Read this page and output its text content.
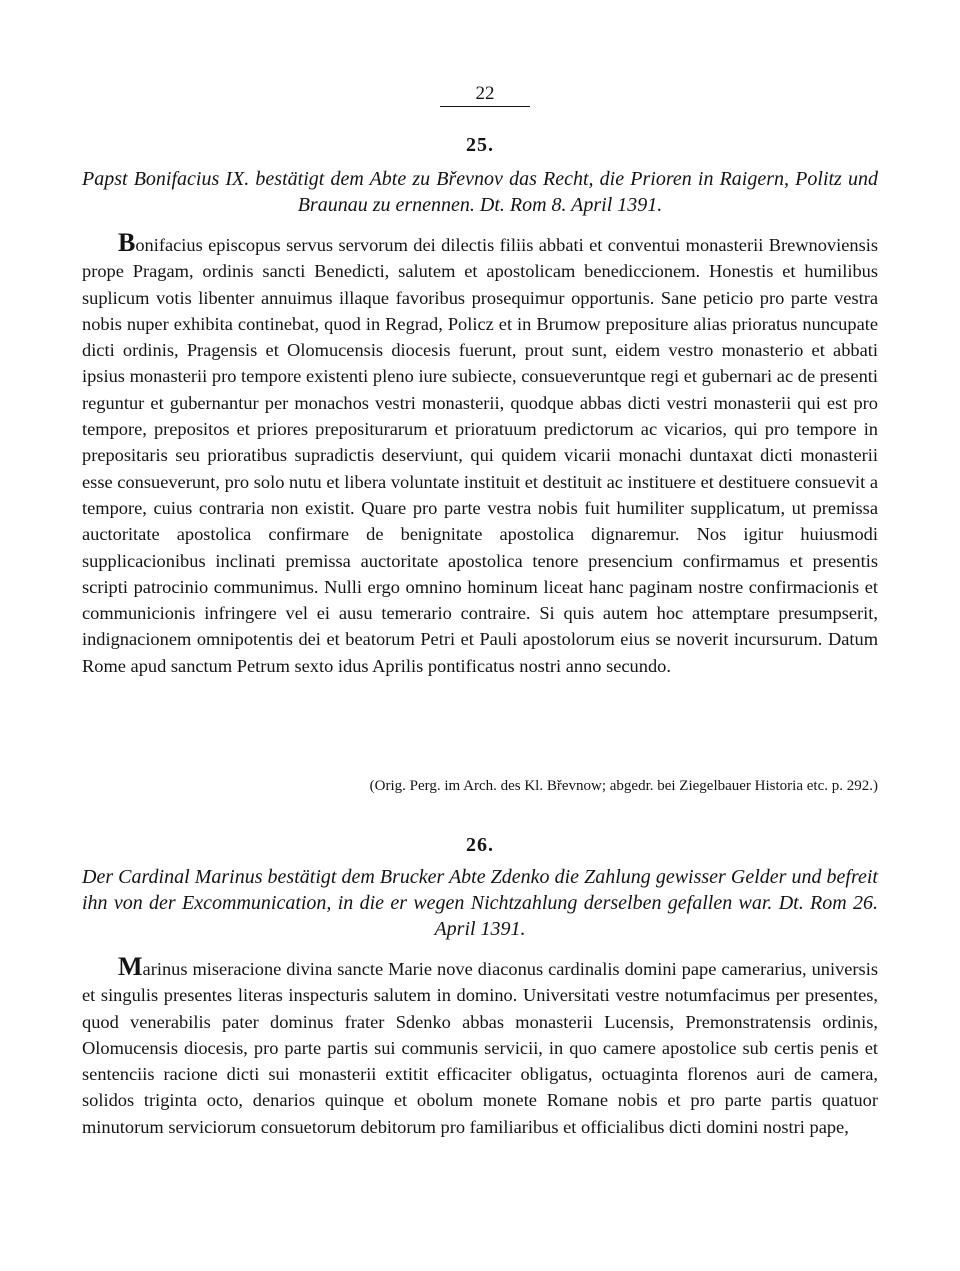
22
25.
Papst Bonifacius IX. bestätigt dem Abte zu Břevnov das Recht, die Prioren in Raigern, Politz und Braunau zu ernennen. Dt. Rom 8. April 1391.

Bonifacius episcopus servus servorum dei dilectis filiis abbati et conventui monasterii Brewnoviensis prope Pragam, ordinis sancti Benedicti, salutem et apostolicam benediccionem. Honestis et humilibus suplicum votis libenter annuimus illaque favoribus prosequimur opportunis. Sane peticio pro parte vestra nobis nuper exhibita continebat, quod in Regrad, Policz et in Brumow prepositure alias prioratus nuncupate dicti ordinis, Pragensis et Olomucensis diocesis fuerunt, prout sunt, eidem vestro monasterio et abbati ipsius monasterii pro tempore existenti pleno iure subiecte, consueveruntque regi et gubernari ac de presenti reguntur et gubernantur per monachos vestri monasterii, quodque abbas dicti vestri monasterii qui est pro tempore, prepositos et priores prepositurarum et prioratuum predictorum ac vicarios, qui pro tempore in prepositaris seu prioratibus supradictis deserviunt, qui quidem vicarii monachi duntaxat dicti monasterii esse consueverunt, pro solo nutu et libera voluntate instituit et destituit ac instituere et destituere consuevit a tempore, cuius contraria non existit. Quare pro parte vestra nobis fuit humiliter supplicatum, ut premissa auctoritate apostolica confirmare de benignitate apostolica dignaremur. Nos igitur huiusmodi supplicacionibus inclinati premissa auctoritate apostolica tenore presencium confirmamus et presentis scripti patrocinio communimus. Nulli ergo omnino hominum liceat hanc paginam nostre confirmacionis et communicionis infringere vel ei ausu temerario contraire. Si quis autem hoc attemptare presumpserit, indignacionem omnipotentis dei et beatorum Petri et Pauli apostolorum eius se noverit incursurum. Datum Rome apud sanctum Petrum sexto idus Aprilis pontificatus nostri anno secundo.

(Orig. Perg. im Arch. des Kl. Břevnow; abgedr. bei Ziegelbauer Historia etc. p. 292.)
26.
Der Cardinal Marinus bestätigt dem Brucker Abte Zdenko die Zahlung gewisser Gelder und befreit ihn von der Excommunication, in die er wegen Nichtzahlung derselben gefallen war. Dt. Rom 26. April 1391.

Marinus miseracione divina sancte Marie nove diaconus cardinalis domini pape camerarius, universis et singulis presentes literas inspecturis salutem in domino. Universitati vestre notumfacimus per presentes, quod venerabilis pater dominus frater Sdenko abbas monasterii Lucensis, Premonstratensis ordinis, Olomucensis diocesis, pro parte partis sui communis servicii, in quo camere apostolice sub certis penis et sentenciis racione dicti sui monasterii extitit efficaciter obligatus, octuaginta florenos auri de camera, solidos triginta octo, denarios quinque et obolum monete Romane nobis et pro parte partis quatuor minutorum serviciorum consuetorum debitorum pro familiaribus et officialibus dicti domini nostri pape,
